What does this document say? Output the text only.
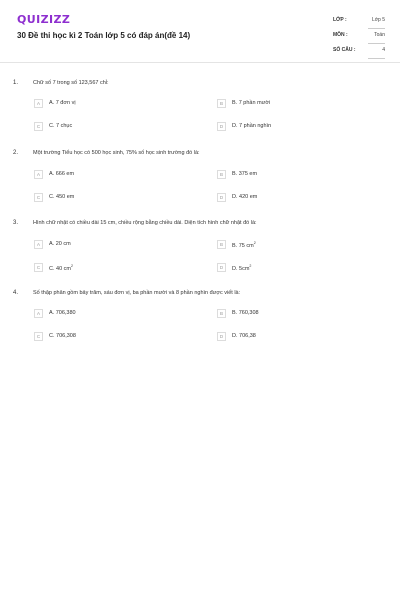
QUIZIZZ
30 Đề thi học kì 2 Toán lớp 5 có đáp án(đề 14)
LỚP :	Lớp 5
MÔN :	Toán
SỐ CÂU :	4
1.	Chữ số 7 trong số 123,567 chỉ:
A	A. 7 đơn vị	B	B. 7 phần mười
C	C. 7 chục	D	D. 7 phần nghìn
2.	Một trường Tiểu học có 500 học sinh, 75% số học sinh trường đó là:
A	A. 666 em	B	B. 375 em
C	C. 450 em	D	D. 420 em
3.	Hình chữ nhật có chiều dài 15 cm, chiều rộng bằng chiều dài. Diện tích hình chữ nhật đó là:
A	A. 20 cm	B	B. 75 $cm^2$
C	C. 40 $cm^2$	D	D. $5cm^2$
4.	Số thập phân gồm bảy trăm, sáu đơn vị, ba phần mười và 8 phần nghìn được viết là:
A	A. 706,380	B	B. 760,308
C	C. 706,308	D	D. 706,38
